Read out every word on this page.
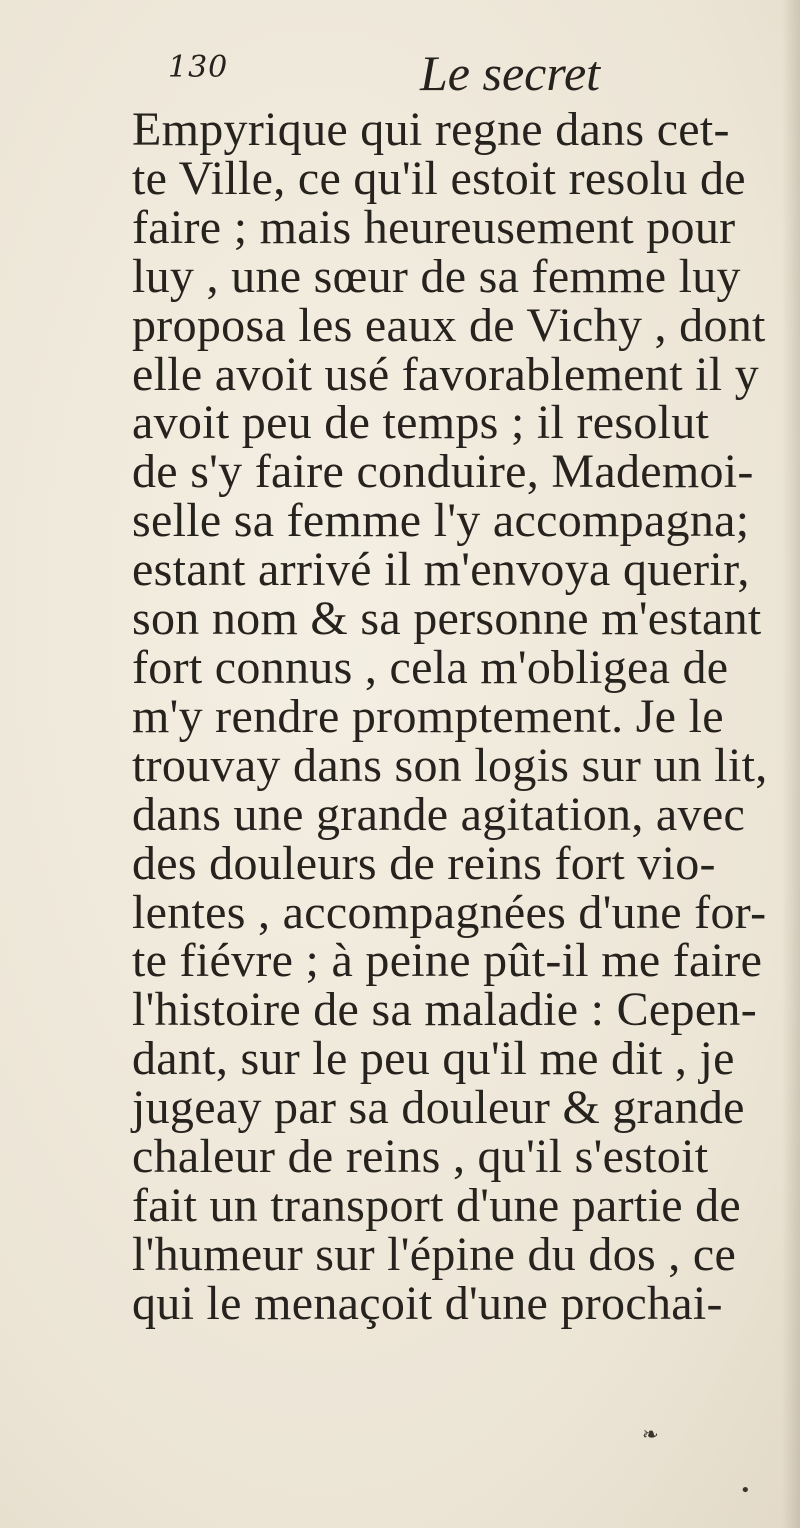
130	Le secret
Empyrique qui regne dans cet-
te Ville, ce qu'il estoit resolu de
faire ; mais heureusement pour
luy , une sœur de sa femme luy
proposa les eaux de Vichy , dont
elle avoit usé favorablement il y
avoit peu de temps ; il resolut
de s'y faire conduire, Mademoi-
selle sa femme l'y accompagna;
estant arrivé il m'envoya querir,
son nom & sa personne m'estant
fort connus , cela m'obligea de
m'y rendre promptement. Je le
trouvay dans son logis sur un lit,
dans une grande agitation, avec
des douleurs de reins fort vio-
lentes , accompagnées d'une for-
te fiévre ; à peine pût-il me faire
l'histoire de sa maladie : Cepen-
dant, sur le peu qu'il me dit , je
jugeay par sa douleur & grande
chaleur de reins , qu'il s'estoit
fait un transport d'une partie de
l'humeur sur l'épine du dos , ce
qui le menaçoit d'une prochai-
❧
•
